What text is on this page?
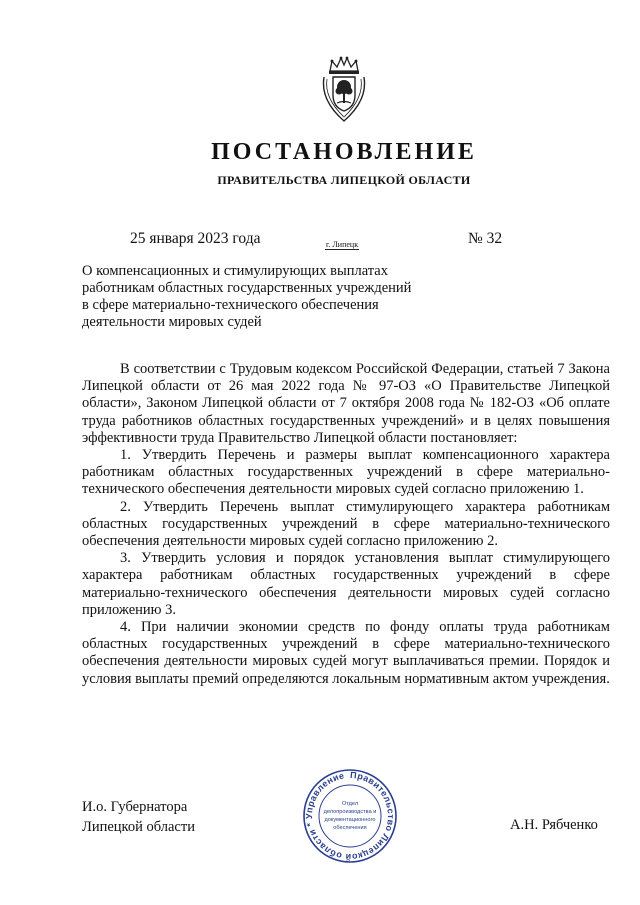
ПОСТАНОВЛЕНИЕ
ПРАВИТЕЛЬСТВА ЛИПЕЦКОЙ ОБЛАСТИ
25 января 2023 года	г. Липецк	№ 32
О компенсационных и стимулирующих выплатах
работникам областных государственных учреждений
в сфере материально-технического обеспечения
деятельности мировых судей

В соответствии с Трудовым кодексом Российской Федерации, статьей 7 Закона Липецкой области от 26 мая 2022 года № 97-ОЗ «О Правительстве Липецкой области», Законом Липецкой области от 7 октября 2008 года № 182-ОЗ «Об оплате труда работников областных государственных учреждений» и в целях повышения эффективности труда Правительство Липецкой области постановляет:

1. Утвердить Перечень и размеры выплат компенсационного характера работникам областных государственных учреждений в сфере материально-технического обеспечения деятельности мировых судей согласно приложению 1.

2. Утвердить Перечень выплат стимулирующего характера работникам областных государственных учреждений в сфере материально-технического обеспечения деятельности мировых судей согласно приложению 2.

3. Утвердить условия и порядок установления выплат стимулирующего характера работникам областных государственных учреждений в сфере материально-технического обеспечения деятельности мировых судей согласно приложению 3.

4. При наличии экономии средств по фонду оплаты труда работникам областных государственных учреждений в сфере материально-технического обеспечения деятельности мировых судей могут выплачиваться премии. Порядок и условия выплаты премий определяются локальным нормативным актом учреждения.

И.о. Губернатора
Липецкой области	А.Н. Рябченко
Правительство Липецкой области * Управление
Отдел
делопроизводства и
документационного
обеспечения
